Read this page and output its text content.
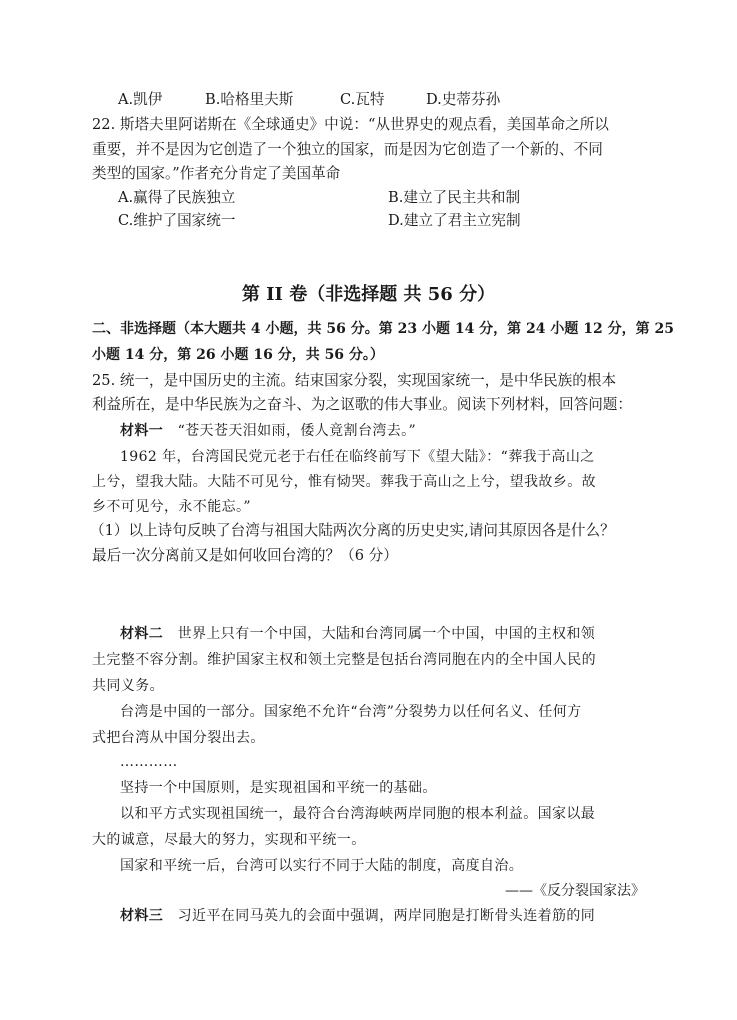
A.凯伊	B.哈格里夫斯	C.瓦特	D.史蒂芬孙
22. 斯塔夫里阿诺斯在《全球通史》中说：“从世界史的观点看，美国革命之所以
重要，并不是因为它创造了一个独立的国家，而是因为它创造了一个新的、不同
类型的国家。”作者充分肯定了美国革命
A.赢得了民族独立	B.建立了民主共和制
C.维护了国家统一	D.建立了君主立宪制
第 II 卷（非选择题 共 56 分）
二、非选择题（本大题共 4 小题，共 56 分。第 23 小题 14 分，第 24 小题 12 分，第 25
小题 14 分，第 26 小题 16 分，共 56 分。）
25. 统一，是中国历史的主流。结束国家分裂，实现国家统一，是中华民族的根本
利益所在，是中华民族为之奋斗、为之讴歌的伟大事业。阅读下列材料，回答问题：
材料一　“苍天苍天泪如雨，倭人竟割台湾去。”
1962 年，台湾国民党元老于右任在临终前写下《望大陆》：“葬我于高山之
上兮，望我大陆。大陆不可见兮，惟有恸哭。葬我于高山之上兮，望我故乡。故
乡不可见兮，永不能忘。”
（1）以上诗句反映了台湾与祖国大陆两次分离的历史史实,请问其原因各是什么？
最后一次分离前又是如何收回台湾的？（6 分）
材料二　世界上只有一个中国，大陆和台湾同属一个中国，中国的主权和领
土完整不容分割。维护国家主权和领土完整是包括台湾同胞在内的全中国人民的
共同义务。
台湾是中国的一部分。国家绝不允许“台湾”分裂势力以任何名义、任何方
式把台湾从中国分裂出去。
…………
坚持一个中国原则，是实现祖国和平统一的基础。
以和平方式实现祖国统一，最符合台湾海峡两岸同胞的根本利益。国家以最
大的诚意，尽最大的努力，实现和平统一。
国家和平统一后，台湾可以实行不同于大陆的制度，高度自治。
——《反分裂国家法》
材料三　习近平在同马英九的会面中强调，两岸同胞是打断骨头连着筋的同
